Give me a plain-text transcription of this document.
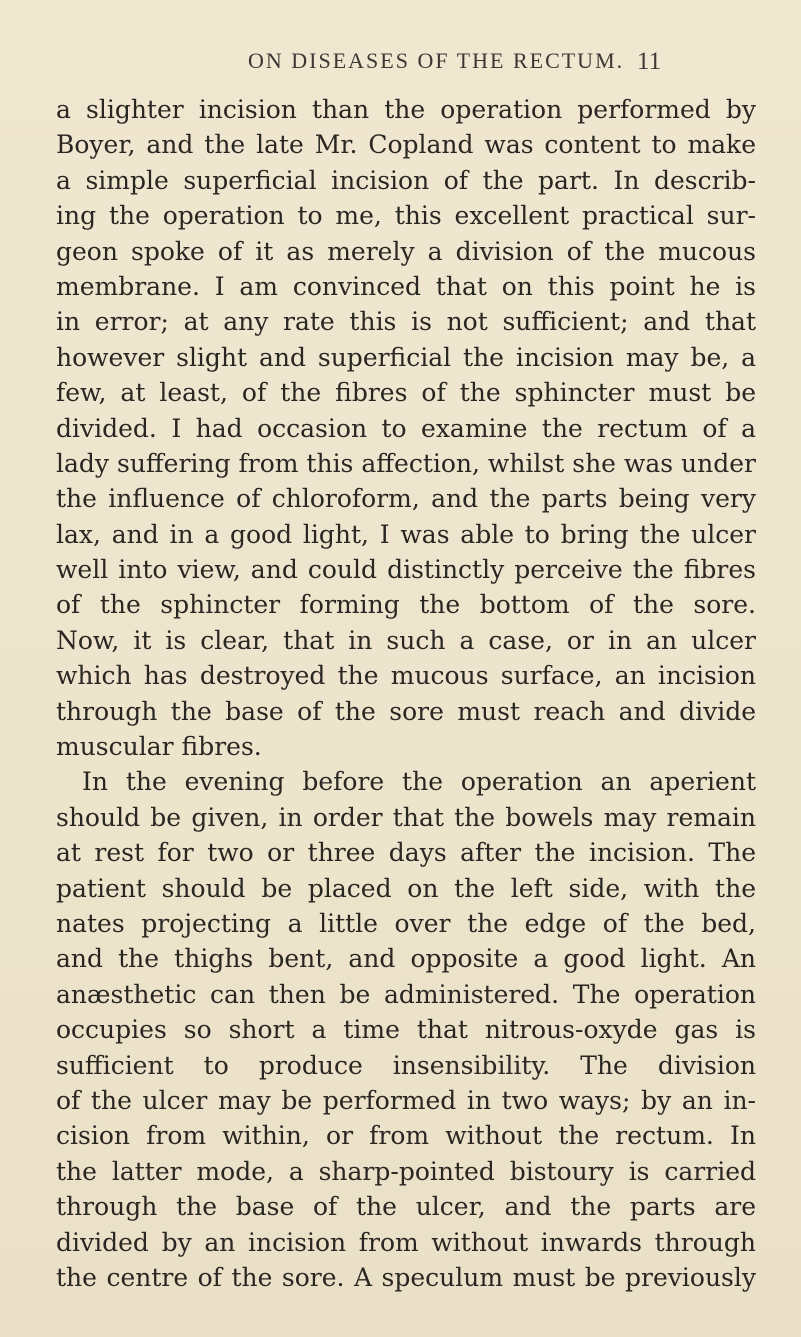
ON DISEASES OF THE RECTUM. 11
a slighter incision than the operation performed by
Boyer, and the late Mr. Copland was content to make
a simple superficial incision of the part. In describ-
ing the operation to me, this excellent practical sur-
geon spoke of it as merely a division of the mucous
membrane. I am convinced that on this point he is
in error; at any rate this is not sufficient; and that
however slight and superficial the incision may be, a
few, at least, of the fibres of the sphincter must be
divided. I had occasion to examine the rectum of a
lady suffering from this affection, whilst she was under
the influence of chloroform, and the parts being very
lax, and in a good light, I was able to bring the ulcer
well into view, and could distinctly perceive the fibres
of the sphincter forming the bottom of the sore.
Now, it is clear, that in such a case, or in an ulcer
which has destroyed the mucous surface, an incision
through the base of the sore must reach and divide
muscular fibres.
In the evening before the operation an aperient
should be given, in order that the bowels may remain
at rest for two or three days after the incision. The
patient should be placed on the left side, with the
nates projecting a little over the edge of the bed,
and the thighs bent, and opposite a good light. An
anæsthetic can then be administered. The operation
occupies so short a time that nitrous-oxyde gas is
sufficient to produce insensibility. The division
of the ulcer may be performed in two ways; by an in-
cision from within, or from without the rectum. In
the latter mode, a sharp-pointed bistoury is carried
through the base of the ulcer, and the parts are
divided by an incision from without inwards through
the centre of the sore. A speculum must be previously
